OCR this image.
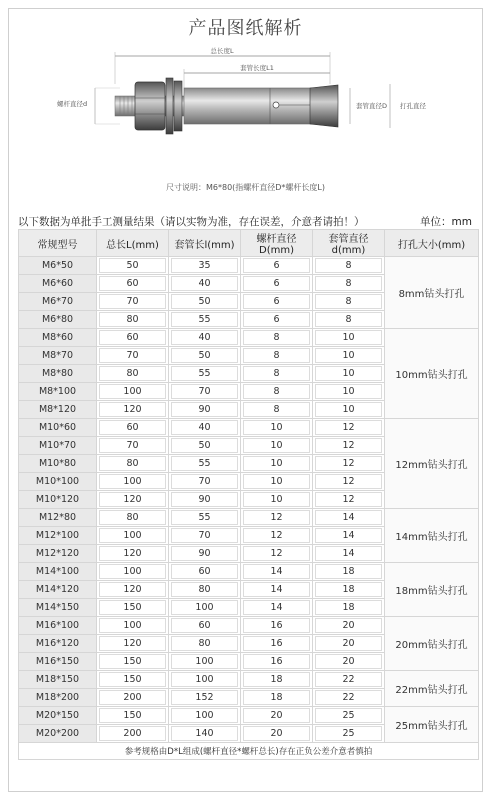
产品图纸解析
总长度L
套管长度L1
螺杆直径d	套管直径D 打孔直径
尺寸说明：M6*80(指螺杆直径D*螺杆长度L)
以下数据为单批手工测量结果（请以实物为准，存在误差，介意者请拍！）	单位：mm
常规型号	总长L(mm)	套管长l(mm)	螺杆直径D(mm)	套管直径d(mm)	打孔大小(mm)
M6*50	50	35	6	8	8mm钻头打孔
M6*60	60	40	6	8	

M6*70	70	50	6	8	

M6*80	80	55	6	8	

M8*60	60	40	8	10	10mm钻头打孔
M8*70	70	50	8	10	

M8*80	80	55	8	10	

M8*100	100	70	8	10	

M8*120	120	90	8	10	

M10*60	60	40	10	12	12mm钻头打孔
M10*70	70	50	10	12	

M10*80	80	55	10	12	

M10*100	100	70	10	12	

M10*120	120	90	10	12	

M12*80	80	55	12	14	14mm钻头打孔
M12*100	100	70	12	14	

M12*120	120	90	12	14	

M14*100	100	60	14	18	18mm钻头打孔
M14*120	120	80	14	18	

M14*150	150	100	14	18	

M16*100	100	60	16	20	20mm钻头打孔
M16*120	120	80	16	20	

M16*150	150	100	16	20	

M18*150	150	100	18	22	22mm钻头打孔
M18*200	200	152	18	22	

M20*150	150	100	20	25	25mm钻头打孔
M20*200	200	140	20	25	

参考规格由D*L组成(螺杆直径*螺杆总长)存在正负公差介意者慎拍					
